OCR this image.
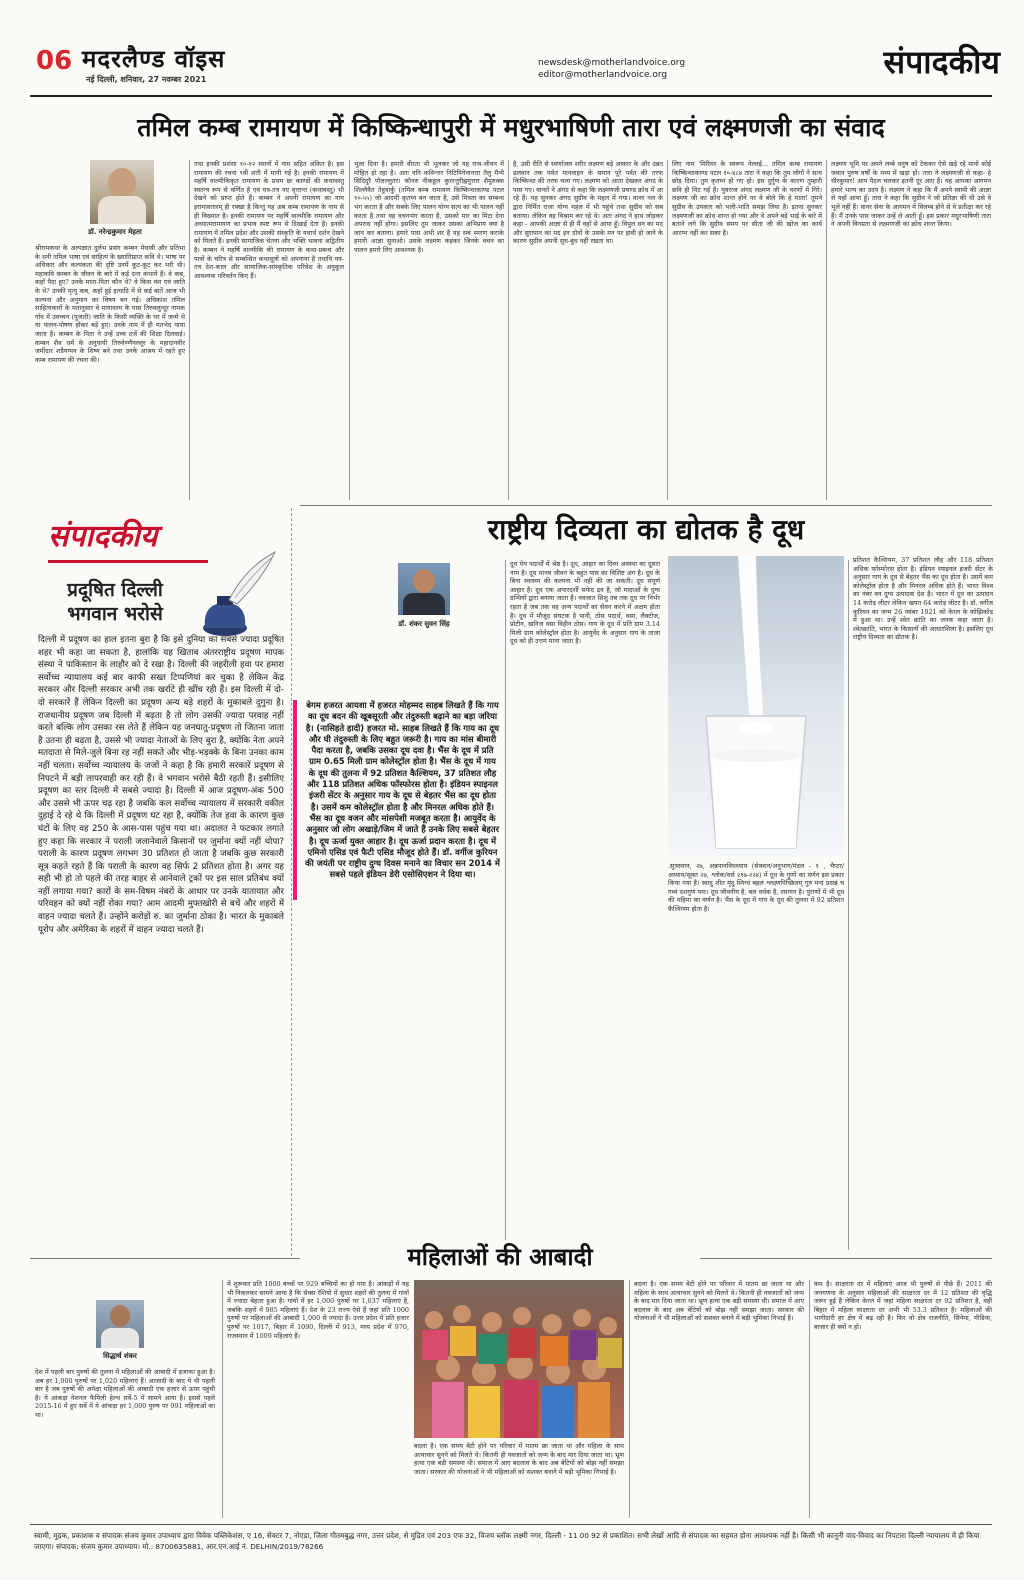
06 मदरलैण्ड वॉइस
नई दिल्ली, शनिवार, 27 नवम्बर 2021
newsdesk@motherlandvoice.org
editor@motherlandvoice.org	संपादकीय
तमिल कम्ब रामायण में किष्किन्धापुरी में मधुरभाषिणी तारा एवं लक्ष्मणजी का संवाद
डॉ. नरेन्द्रकुमार मेहता
श्रीरामकथा के अल्पज्ञात दुर्लभ प्रसंग कम्बन मेधावी और प्रतिभा के धनी तमिल भाषा एवं साहित्य के ख्यातिप्राप्त कवि थे। भाषा पर अधिकार और कल्पकता की दृष्टि उनमें कूट-कूट कर भरी थी। महाकवि कम्बन के जीवन के बारे में कई दन्त कथायें हैं। वे कब, कहाँ पैदा हुए? उनके माता-पिता कौन थे? वे किस वंश एवं जाति के थे? उनकी मृत्यु कब, कहाँ हुई इत्यादि में से कई बातें आज भी कल्पना और अनुमान का विषय बन गई। अधिकांश तमिल साहित्यकारों के मतानुसार वे मायावरम के पास तिरुवलुन्दूर नामक गाँव में उवच्चन (पुजारी) जाति के किसी व्यक्ति के घर में जन्मे थे या पालन-पोषण होकर बड़े हुए। उनके नाम में ही मतभेद पाया जाता है। कम्बन के पिता ने उन्हें उच्च दर्जे की शिक्षा दिलवाई। कम्बन शैव धर्म के अनुयायी तिरुवेण्णैनल्लूर के महादानवीर जमींदार शडैयप्पन के शिष्य बने तथा उनके आश्रय में रहते हुए कम्ब रामायण की रचना की।
तथा इनकी प्रशंसा १०-१२ स्थानों में नाम सहित अंकित है। इस रामायण की रचना ९वीं शती में मानी गई है। इनकी रामायण में महर्षि वाल्मीकिकृत रामायण के प्रथम छः काण्डों की कथावस्तु स्वतन्त्र रूप से वर्णित है एवं यत्र-तत्र नए वृत्तान्त (कथावस्तु) भी देखने को प्राप्त होते हैं। कम्बन ने अपनी रामायण का नाम इरामावतारम् ही रक्खा है किन्तु यह अब कम्ब रामायण के नाम से ही विख्यात है। इनकी रामायण पर महर्षि वाल्मीकि रामायण और अध्यात्मरामायण का प्रभाव स्पष्ट रूप से दिखाई देता है। इनकी रामायण में तमिल प्रदेश और उसकी संस्कृति के यथार्थ दर्शन देखने को मिलते हैं। इनकी सामाजिक चेतना और भक्ति भावना अद्वितीय है। कम्बन ने महर्षि वाल्मीकि की रामायण के कथा-प्रबन्ध और पात्रों के चरित्र से सम्बन्धित कथासूत्रों को अपनाया है तथापि यत्र-तत्र देश-काल और सामाजिक-सांस्कृतिक परिवेश के अनुकूल आवश्यक परिवर्तन किए हैं।
भुला दिया है। हमारी वीरता भी भूलकर जो यह राज-जीवन में मोहित हो रहा है। अतः ननि कविन्त्तर निटिपिनेनानत्ता तैलु मैन्मै सिदिदुरै पौलल्लुतर। कौनरु नीकड्डल कुररत्तुरीह्नमुत्तार शैमुरुक्क शिल्लैवैत तेहुवार्कु (तमिल कम्ब रामायण किष्किन्धाकाण्ड पटल १०-५५) जो आदमी कृतघ्न बन जाता है, उसे मित्रता का सम्बन्ध भंग करता है और सबके लिए पालन योग्य सत्य का भी पालन नहीं करता है तथा वह वचनभंग करता है, उसको मार का मिटा देना अपराध नहीं होगा। इसलिए तुम जाकर उसका अभिप्राय क्या है जान कर बताना। हमारे पास अभी शर है यह सब स्मरण कराके हमारी आज्ञा सुनाओ। उसके लक्ष्मण कहकर जिनके वचन का पालन हमारे लिए आवश्यक है।
है, उसी रीति से स्वर्णाजल शरीर लक्ष्मण बड़े आकार के और उन्नत ढलवान तक पर्वत मानवाहन के समान पूरे पर्वत की तरफ किष्किन्धा की तरफ चला गए। लक्ष्मण को आता देखकर अंगद के पास गए। वानरों ने अंगद से कहा कि लक्ष्मणजी प्रचण्ड क्रोध में आ रहे हैं। यह सुनकर अंगद सुग्रीव के महल में गया। वानर नल के द्वारा निर्मित राजा योग्य महल में भी पहुंचे तथा सुग्रीव को सब बताया। लेकिन वह विश्राम कर रहे थे। अतः अंगद ने हाथ जोड़कर कहा - आपकी आज्ञा से ही मैं वहाँ से आया हूँ। विपुल धन का मद और सुरापान का मद इन दोनों के उसके मन पर हावी हो जाने के कारण सुग्रीव अपनी सुध-बुध नहीं रखता था।
लिए नाम 'मिरिमर के स्वरूप नेल्लई... तमिल कम्ब रामायण किष्किन्धाकाण्ड पटल १०-४८४ तारा ने कहा कि तुम लोगों ने सत्य छोड़ दिया। तुम कृतघ्न हो गए हो। इस दुर्गुण के कारण तुम्हारी छवि ही मिट गई है। युवराज अंगद लक्ष्मण जी के चरणों में गिरे। लक्ष्मण जी का क्रोध शान्त होने पर वे बोले कि हे माता! तुमने सुग्रीव के उपकार को भली-भांति समझ लिया है। इतना सुनकर लक्ष्मणजी का क्रोध शान्त हो गया और वे अपने बड़े भाई के बारे में बताने लगे कि सुग्रीव समय पर सीता जी की खोज का कार्य आरम्भ नहीं कर सका है।
लक्ष्मण भूमि पर अपने लम्बे धनुष को टेककर ऐसे खड़े रहे मानो कोई जवान पुरुष वर्षों के मध्य में खड़ा हो। तारा ने लक्ष्मणजी से कहा- हे धीरकुमार! आप पैदल चलकर इतनी दूर आए हैं। यह आपका आगमन हमारे भाग्य का उदय है। लक्ष्मण ने कहा कि मैं अपने स्वामी की आज्ञा से यहाँ आया हूँ। तारा ने कहा कि सुग्रीव ने जो प्रतिज्ञा की थी उसे वे भूले नहीं हैं। वानर सेना के आगमन में विलम्ब होने से वे प्रतीक्षा कर रहे हैं। मैं उनके पास जाकर उन्हें ले आती हूँ। इस प्रकार मधुरभाषिणी तारा ने अपनी विनम्रता से लक्ष्मणजी का क्रोध शान्त किया।
संपादकीय
प्रदूषित दिल्ली
भगवान भरोसे
दिल्ली में प्रदूषण का हाल इतना बुरा है कि इसे दुनिया का सबसे ज्यादा प्रदूषित शहर भी कहा जा सकता है, हालांकि यह खिताब अंतरराष्ट्रीय प्रदूषण मापक संस्था ने पाकिस्तान के लाहौर को दे रखा है। दिल्ली की जहरीली हवा पर हमारा सर्वोच्च न्यायालय कई बार काफी सख्त टिप्पणियां कर चुका है लेकिन केंद्र सरकार और दिल्ली सरकार अभी तक खर्राटे ही खींच रही हैं। इस दिल्ली में दो-दो सरकारें हैं लेकिन दिल्ली का प्रदूषण अन्य बड़े शहरों के मुकाबले दुगुना है। राजधानीय प्रदूषण जब दिल्ली में बढ़ता है तो लोग उसकी ज्यादा परवाह नहीं करते बल्कि लोग उसका रस लेते हैं लेकिन यह जनघातु-प्रदूषण तो जितना जाता है उतना ही बढ़ता है, उससे भी ज्यादा नेताओं के लिए बुरा है, क्योंकि नेता अपने मतदाता से मिले-जुले बिना रह नहीं सकते और भीड़-भड़क्के के बिना उनका काम नहीं चलता। सर्वोच्च न्यायालय के जजों ने कहा है कि हमारी सरकारें प्रदूषण से निपटने में बड़ी लापरवाही कर रही हैं। वे भगवान भरोसे बैठी रहती हैं। इसीलिए प्रदूषण का स्तर दिल्ली में सबसे ज्यादा है। दिल्ली में आज प्रदूषण-अंक 500 और उससे भी ऊपर चढ़ रहा है जबकि कल सर्वोच्च न्यायालय में सरकारी वकील दुहाई दे रहे थे कि दिल्ली में प्रदूषण घट रहा है, क्योंकि तेज हवा के कारण कुछ घंटों के लिए वह 250 के आस-पास पहुंच गया था। अदालत ने फटकार लगाते हुए कहा कि सरकार ने पराली जलानेवाले किसानों पर जुर्माना क्यों नहीं थोपा? पराली के कारण प्रदूषण लगभग 30 प्रतिशत हो जाता है जबकि कुछ सरकारी सूत्र कहते रहते हैं कि पराली के कारण वह सिर्फ 2 प्रतिशत होता है। अगर यह सही भी हो तो पहले की तरह बाहर से आनेवाले ट्रकों पर इस साल प्रतिबंध क्यों नहीं लगाया गया? कारों के सम-विषम नंबरों के आधार पर उनके यातायात और परिवहन को क्यों नहीं रोका गया? आम आदमी मुफ्तखोरी से बचें और शहरों में वाहन ज्यादा चलते हैं। उन्होंने करोड़ों रु. का जुर्माना ठोका है। भारत के मुकाबले यूरोप और अमेरिका के शहरों में वाहन ज्यादा चलते हैं।
राष्ट्रीय दिव्यता का द्योतक है दूध
डॉ. शंकर सुवन सिंह
बेगम हजरत आयशा में हजरत मोहम्मद साहब लिखते हैं कि गाय का दूध बदन की खूबसूरती और तंदुरुस्ती बढ़ाने का बड़ा जरिया है। (नासिहते हादी) हजरत मो. साहब लिखते हैं कि गाय का दूध और घी तंदुरुस्ती के लिए बहुत जरूरी है। गाय का मांस बीमारी पैदा करता है, जबकि उसका दूध दवा है। भैंस के दूध में प्रति ग्राम 0.65 मिली ग्राम कोलेस्ट्रॉल होता है। भैंस के दूध में गाय के दूध की तुलना में 92 प्रतिशत कैल्शियम, 37 प्रतिशत लौह और 118 प्रतिशत अधिक फॉस्फोरस होता है। इंडियन स्पाइनल इंजरी सेंटर के अनुसार गाय के दूध से बेहतर भैंस का दूध होता है। उसमें कम कोलेस्ट्रॉल होता है और मिनरल अधिक होते हैं। भैंस का दूध वजन और मांसपेशी मजबूत करता है। आयुर्वेद के अनुसार जो लोग अखाड़े/जिम में जाते हैं उनके लिए सबसे बेहतर है। दूध ऊर्जा युक्त आहार है। दूध ऊर्जा प्रदान करता है। दूध में एमिनो एसिड एवं फैटी एसिड मौजूद होते हैं। डॉ. वर्गीज कुरियन की जयंती पर राष्ट्रीय दुग्ध दिवस मनाने का विचार सन 2014 में सबसे पहले इंडियन डेरी एसोसिएशन ने दिया था।
दूध पेय पदार्थों में श्रेष्ठ है। दूध, आहार का दिव्य अवस्था का दूसरा नाम है। दूध मानव जीवन के बहुत पास का विशिष्ट अंग है। दूध के बिना स्वास्थ्य की कल्पना भी नहीं की जा सकती। दूध संपूर्ण आहार है। दूध एक अपारदर्शी सफेद द्रव है, जो मादाओं के दुग्ध ग्रन्थियों द्वारा बनाया जाता है। नवजात शिशु तब तक दूध पर निर्भर रहता है जब तक वह अन्य पदार्थों का सेवन करने में अक्षम होता है। दूध में मौजूद संघटक है पानी, ठोस पदार्थ, वसा, लैक्टोज, प्रोटीन, खनिज वसा विहीन ठोस। गाय के दूध में प्रति ग्राम 3.14 मिली ग्राम कोलेस्ट्रॉल होता है। आयुर्वेद के अनुसार गाय के ताजा दूध को ही उत्तम माना जाता है।
.सुत्रस्थान, २७, अन्नपानविधध्याय (सेक्शन/अनुभाग/मंडल - १ , चैप्टर/अध्याय/सूक्त २७, श्लोक/वर्स २१७-२२४) में दूध के गुणों का वर्णन इस प्रकार किया गया है। स्वादु शीत मृदु स्निग्धं बहलं श्लक्ष्णपिच्छिलम् गुरु मन्दं प्रसन्नं च गव्यं दशगुणं पयः। दूध जीवनीय है, बल वर्धक है, रसायन है। पुराणों में भी दूध की महिमा का वर्णन है। भैंस के दूध में गाय के दूध की तुलना में 92 प्रतिशत कैल्शियम होता है।
प्रतिशत कैल्शियम, 37 प्रतिशत लौह और 118 प्रतिशत अधिक फॉस्फोरस होता है। इंडियन स्पाइनल इंजरी सेंटर के अनुसार गाय के दूध से बेहतर भैंस का दूध होता है। उसमें कम कोलेस्ट्रॉल होता है और मिनरल अधिक होते हैं। भारत विश्व का नंबर वन दुग्ध उत्पादक देश है। भारत में दूध का उत्पादन 14 करोड़ लीटर लेकिन खपत 64 करोड़ लीटर है। डॉ. वर्गीज कुरियन का जन्म 26 नवंबर 1921 को केरल के कोझिकोड में हुआ था। उन्हें श्वेत क्रांति का जनक कहा जाता है। श्वेतक्रांति, भारत के किसानों की आधारशिला है। इसलिए दूध राष्ट्रीय दिव्यता का द्योतक है।
महिलाओं की आबादी
सिद्धार्थ शंकर
देश में पहली बार पुरुषों की तुलना में महिलाओं की आबादी में इजाफा हुआ है। अब हर 1,000 पुरुषों पर 1,020 महिलाएं हैं। आजादी के बाद ये भी पहली बार है जब पुरुषों की अपेक्षा महिलाओं की आबादी एक हजार से ऊपर पहुंची है। ये आंकड़ा नेशनल फैमिली हेल्थ सर्वे-5 में सामने आया है। इससे पहले 2015-16 में हुए सर्वे में ये आंकड़ा हर 1,000 पुरुष पर 991 महिलाओं का था।
में शुरूवार प्रति 1000 बच्चों पर 929 बच्चियों का हो गया है। आंकड़ों में यह भी निकलकर सामने आया है कि सेक्स रेशियो में सुधार शहरों की तुलना में गांवों में ज्यादा बेहतर हुआ है। गांवों में हर 1,000 पुरुषों पर 1,037 महिलाएं हैं, जबकि शहरों में 985 महिलाएं हैं। देश के 23 राज्य ऐसे हैं जहां प्रति 1000 पुरुषों पर महिलाओं की आबादी 1,000 से ज्यादा है। उत्तर प्रदेश में प्रति हजार पुरुषों पर 1017, बिहार में 1090, दिल्ली में 913, मध्य प्रदेश में 970, राजस्थान में 1009 महिलाएं हैं।
बदला है। एक समय बेटी होने पर परिवार में मातम छा जाता था और महिला के साथ अत्याचार सुनने को मिलते थे। कितनी ही नवजातों को जन्म के बाद मार दिया जाता था। भ्रूण हत्या एक बड़ी समस्या थी। समाज में आए बदलाव के बाद अब बेटियों को बोझ नहीं समझा जाता। सरकार की योजनाओं ने भी महिलाओं को सशक्त बनाने में बड़ी भूमिका निभाई है।
बदला है। एक समय बेटी होने पर परिवार में मातम छा जाता था और महिला के साथ अत्याचार सुनने को मिलते थे। कितनी ही नवजातों को जन्म के बाद मार दिया जाता था। भ्रूण हत्या एक बड़ी समस्या थी। समाज में आए बदलाव के बाद अब बेटियों को बोझ नहीं समझा जाता। सरकार की योजनाओं ने भी महिलाओं को सशक्त बनाने में बड़ी भूमिका निभाई है।
कम है। साक्षरता दर में महिलाएं आज भी पुरुषों से पीछे हैं। 2011 की जनगणना के अनुसार महिलाओं की साक्षरता दर में 12 प्रतिशत की वृद्धि जरूर हुई है लेकिन केरल में जहां महिला साक्षरता दर 92 प्रतिशत है, वहीं बिहार में महिला साक्षरता दर अभी भी 53.3 प्रतिशत है। महिलाओं की भागीदारी हर क्षेत्र में बढ़ रही है। फिर वो क्षेत्र राजनीति, सिनेमा, मीडिया, बाजार ही क्यों न हो।
स्वामी, मुद्रक, प्रकाशक व संपादक संजय कुमार उपाध्याय द्वारा विवेक पब्लिकेशंस, ए 16, सेक्टर 7, नोएडा, जिला गौतमबुद्ध नगर, उत्तर प्रदेश, से मुद्रित एवं 203 एफ 32, विजय ब्लॉक लक्ष्मी नगर, दिल्ली - 11 00 92 से प्रकाशित। सभी लेखों आदि से संपादक का सहमत होना आवश्यक नहीं है। किसी भी कानूनी वाद-विवाद का निपटारा दिल्ली न्यायालय में ही किया जाएगा। संपादक: संजय कुमार उपाध्याय। मो.: 8700635881, आर.एन.आई नं. DELHIN/2019/78266
